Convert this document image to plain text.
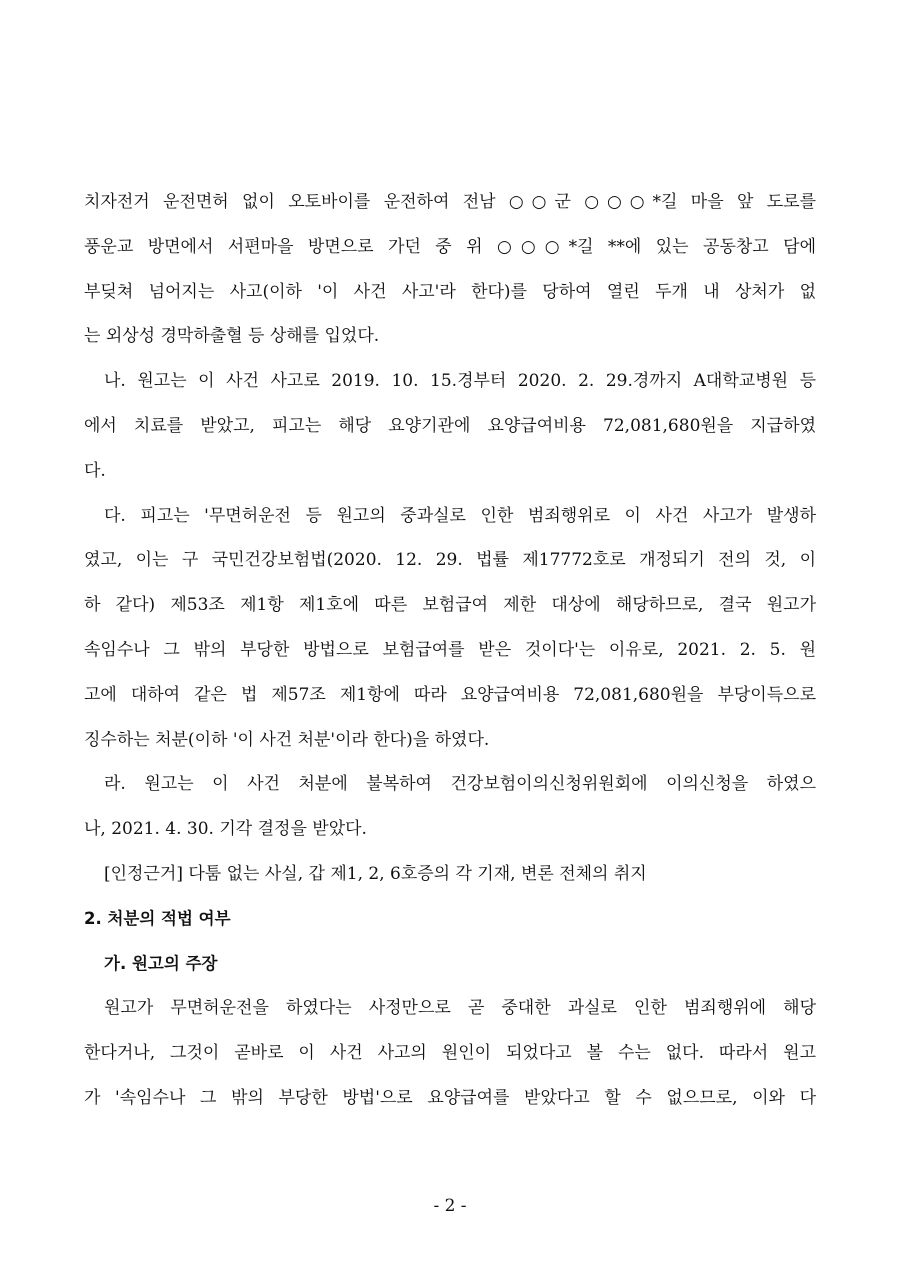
치자전거 운전면허 없이 오토바이를 운전하여 전남 ○○군 ○○○*길 마을 앞 도로를
풍운교 방면에서 서편마을 방면으로 가던 중 위 ○○○*길 **에 있는 공동창고 담에
부딪쳐 넘어지는 사고(이하 '이 사건 사고'라 한다)를 당하여 열린 두개 내 상처가 없
는 외상성 경막하출혈 등 상해를 입었다.
나. 원고는 이 사건 사고로 2019. 10. 15.경부터 2020. 2. 29.경까지 A대학교병원 등
에서 치료를 받았고, 피고는 해당 요양기관에 요양급여비용 72,081,680원을 지급하였
다.
다. 피고는 '무면허운전 등 원고의 중과실로 인한 범죄행위로 이 사건 사고가 발생하
였고, 이는 구 국민건강보험법(2020. 12. 29. 법률 제17772호로 개정되기 전의 것, 이
하 같다) 제53조 제1항 제1호에 따른 보험급여 제한 대상에 해당하므로, 결국 원고가
속임수나 그 밖의 부당한 방법으로 보험급여를 받은 것이다'는 이유로, 2021. 2. 5. 원
고에 대하여 같은 법 제57조 제1항에 따라 요양급여비용 72,081,680원을 부당이득으로
징수하는 처분(이하 '이 사건 처분'이라 한다)을 하였다.
라. 원고는 이 사건 처분에 불복하여 건강보험이의신청위원회에 이의신청을 하였으
나, 2021. 4. 30. 기각 결정을 받았다.

[인정근거] 다툼 없는 사실, 갑 제1, 2, 6호증의 각 기재, 변론 전체의 취지

2. 처분의 적법 여부

가. 원고의 주장

원고가 무면허운전을 하였다는 사정만으로 곧 중대한 과실로 인한 범죄행위에 해당
한다거나, 그것이 곧바로 이 사건 사고의 원인이 되었다고 볼 수는 없다. 따라서 원고
가 '속임수나 그 밖의 부당한 방법'으로 요양급여를 받았다고 할 수 없으므로, 이와 다
- 2 -
